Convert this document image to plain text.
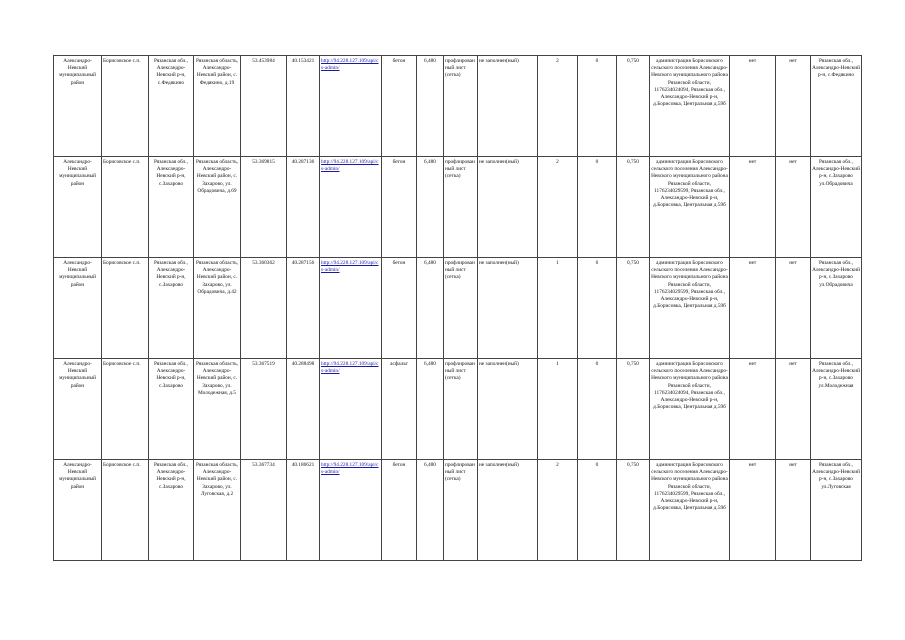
Александро-Невский муниципальный район	Борисовское с.п.	Рязанская обл., Александро-Невский р-н, с.Федякино	Рязанская область, Александро-Невский район, с. Федякино, д.19	53.453984	40.153421	http://94.228.127.109/api/cs-admin/	бетон	6,480	профлированный лист (сетка)	не заполнен(ный)	2	0	0,750	администрация Борисовского сельского поселения Александро-Невского муниципального района Рязанской области, 1176234024094, Рязанская обл., Александро-Невский р-н, д.Борисовка, Центральная д.59б	нет	нет	Рязанская обл., Александро-Невский р-н, с.Федякино
Александро-Невский муниципальный район	Борисовское с.п.	Рязанская обл., Александро-Невский р-н, с.Захарово	Рязанская область, Александро-Невский район, с. Захарово, ул. Обрадовича, д.69	53.369815	40.287136	http://94.228.127.109/api/cs-admin/	бетон	6,480	профлированный лист (сетка)	не заполнен(ный)	2	0	0,750	администрация Борисовского сельского поселения Александро-Невского муниципального района Рязанской области, 1176234029599, Рязанская обл., Александро-Невский р-н, д.Борисовка, Центральная д.59б	нет	нет	Рязанская обл., Александро-Невский р-н, с.Захарово ул.Обрадовича
Александро-Невский муниципальный район	Борисовское с.п.	Рязанская обл., Александро-Невский р-н, с.Захарово	Рязанская область, Александро-Невский район, с. Захарово, ул. Обрадовича, д.42	53.360362	40.287156	http://94.228.127.109/api/cs-admin/	бетон	6,480	профлированный лист (сетка)	не заполнен(ный)	1	0	0,750	администрация Борисовского сельского поселения Александро-Невского муниципального района Рязанской области, 1176234029599, Рязанская обл., Александро-Невский р-н, д.Борисовка, Центральная д.59б	нет	нет	Рязанская обл., Александро-Невский р-н, с.Захарово ул.Обрадовича
Александро-Невский муниципальный район	Борисовское с.п.	Рязанская обл., Александро-Невский р-н, с.Захарово	Рязанская область, Александро-Невский район, с. Захарово, ул. Молодежная, д.5	53.367519	40.288498	http://94.228.127.109/api/cs-admin/	асфальт	6,480	профлированный лист (сетка)	не заполнен(ный)	1	0	0,750	администрация Борисовского сельского поселения Александро-Невского муниципального района Рязанской области, 1176234024094, Рязанская обл., Александро-Невский р-н, д.Борисовка, Центральная д.59б	нет	нет	Рязанская обл., Александро-Невский р-н, с.Захарово ул.Молодежная
Александро-Невский муниципальный район	Борисовское с.п.	Рязанская обл., Александро-Невский р-н, с.Захарово	Рязанская область, Александро-Невский район, с. Захарово, ул. Луговская, д.2	53.367734	40.186621	http://94.228.127.109/api/cs-admin/	бетон	6,480	профлированный лист (сетка)	не заполнен(ный)	2	0	0,750	администрация Борисовского сельского поселения Александро-Невского муниципального района Рязанской области, 1176234029599, Рязанская обл., Александро-Невский р-н, д.Борисовка, Центральная д.59б	нет	нет	Рязанская обл., Александро-Невский р-н, с.Захарово ул.Луговская
